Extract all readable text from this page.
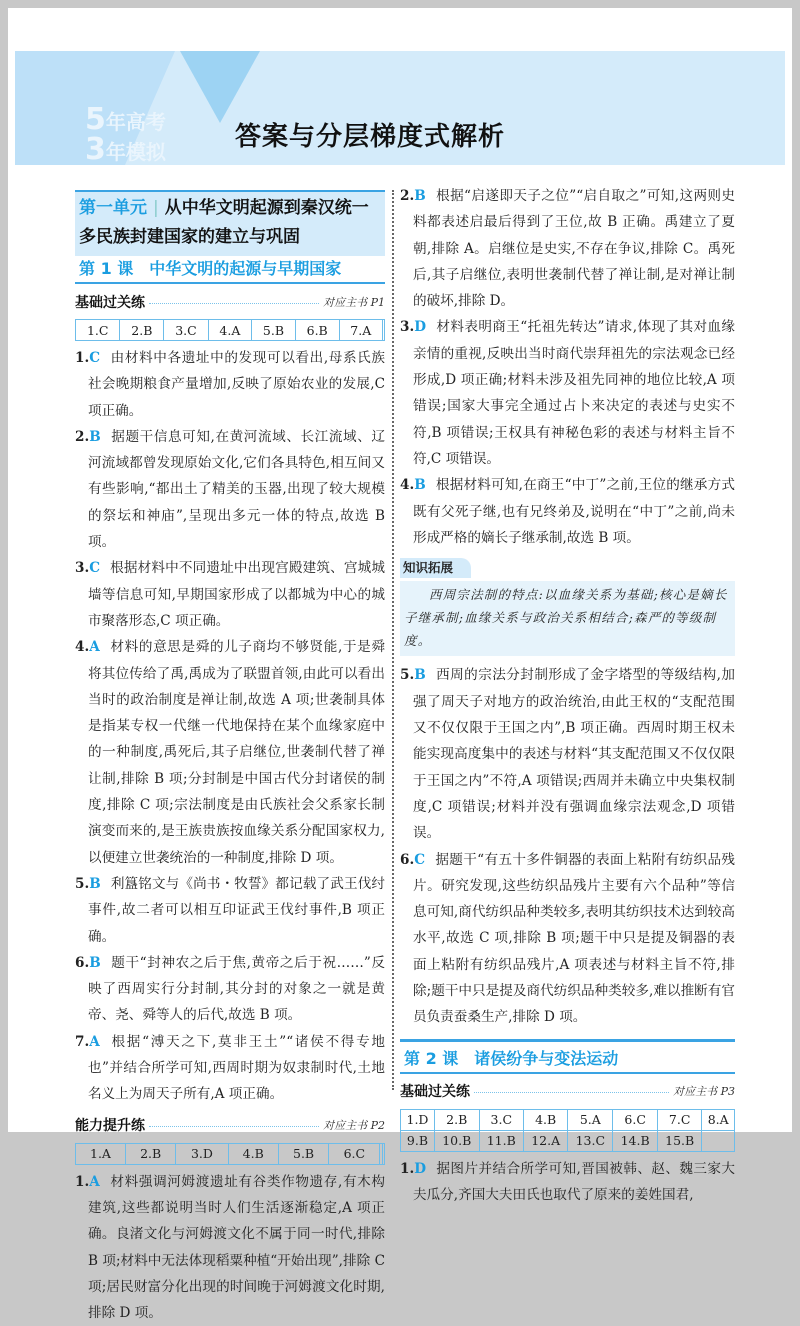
5年高考
3年模拟	答案与分层梯度式解析
第一单元 | 从中华文明起源到秦汉统一多民族封建国家的建立与巩固
第 1 课　中华文明的起源与早期国家
基础过关练	对应主书 P1
1.C	2.B	3.C	4.A	5.B	6.B	7.A	
1.C 由材料中各遗址中的发现可以看出,母系氏族社会晚期粮食产量增加,反映了原始农业的发展,C 项正确。
2.B 据题干信息可知,在黄河流域、长江流域、辽河流域都曾发现原始文化,它们各具特色,相互间又有些影响,“都出土了精美的玉器,出现了较大规模的祭坛和神庙”,呈现出多元一体的特点,故选 B 项。
3.C 根据材料中不同遗址中出现宫殿建筑、宫城城墙等信息可知,早期国家形成了以都城为中心的城市聚落形态,C 项正确。
4.A 材料的意思是舜的儿子商均不够贤能,于是舜将其位传给了禹,禹成为了联盟首领,由此可以看出当时的政治制度是禅让制,故选 A 项;世袭制具体是指某专权一代继一代地保持在某个血缘家庭中的一种制度,禹死后,其子启继位,世袭制代替了禅让制,排除 B 项;分封制是中国古代分封诸侯的制度,排除 C 项;宗法制度是由氏族社会父系家长制演变而来的,是王族贵族按血缘关系分配国家权力,以便建立世袭统治的一种制度,排除 D 项。
5.B 利簋铭文与《尚书・牧誓》都记载了武王伐纣事件,故二者可以相互印证武王伐纣事件,B 项正确。
6.B 题干“封神农之后于焦,黄帝之后于祝……”反映了西周实行分封制,其分封的对象之一就是黄帝、尧、舜等人的后代,故选 B 项。
7.A 根据“溥天之下,莫非王土”“诸侯不得专地也”并结合所学可知,西周时期为奴隶制时代,土地名义上为周天子所有,A 项正确。
能力提升练	对应主书 P2
1.A	2.B	3.D	4.B	5.B	6.C		
1.A 材料强调河姆渡遗址有谷类作物遗存,有木构建筑,这些都说明当时人们生活逐渐稳定,A 项正确。良渚文化与河姆渡文化不属于同一时代,排除 B 项;材料中无法体现稻粟种植“开始出现”,排除 C 项;居民财富分化出现的时间晚于河姆渡文化时期,排除 D 项。
2.B 根据“启遂即天子之位”“启自取之”可知,这两则史料都表述启最后得到了王位,故 B 正确。禹建立了夏朝,排除 A。启继位是史实,不存在争议,排除 C。禹死后,其子启继位,表明世袭制代替了禅让制,是对禅让制的破坏,排除 D。
3.D 材料表明商王“托祖先转达”请求,体现了其对血缘亲情的重视,反映出当时商代崇拜祖先的宗法观念已经形成,D 项正确;材料未涉及祖先同神的地位比较,A 项错误;国家大事完全通过占卜来决定的表述与史实不符,B 项错误;王权具有神秘色彩的表述与材料主旨不符,C 项错误。
4.B 根据材料可知,在商王“中丁”之前,王位的继承方式既有父死子继,也有兄终弟及,说明在“中丁”之前,尚未形成严格的嫡长子继承制,故选 B 项。
知识拓展
西周宗法制的特点:以血缘关系为基础;核心是嫡长子继承制;血缘关系与政治关系相结合;森严的等级制度。
5.B 西周的宗法分封制形成了金字塔型的等级结构,加强了周天子对地方的政治统治,由此王权的“支配范围又不仅仅限于王国之内”,B 项正确。西周时期王权未能实现高度集中的表述与材料“其支配范围又不仅仅限于王国之内”不符,A 项错误;西周并未确立中央集权制度,C 项错误;材料并没有强调血缘宗法观念,D 项错误。
6.C 据题干“有五十多件铜器的表面上粘附有纺织品残片。研究发现,这些纺织品残片主要有六个品种”等信息可知,商代纺织品种类较多,表明其纺织技术达到较高水平,故选 C 项,排除 B 项;题干中只是提及铜器的表面上粘附有纺织品残片,A 项表述与材料主旨不符,排除;题干中只是提及商代纺织品种类较多,难以推断有官员负责蚕桑生产,排除 D 项。
第 2 课　诸侯纷争与变法运动
基础过关练	对应主书 P3
1.D	2.B	3.C	4.B	5.A	6.C	7.C	8.A
9.B	10.B	11.B	12.A	13.C	14.B	15.B	
1.D 据图片并结合所学可知,晋国被韩、赵、魏三家大夫瓜分,齐国大夫田氏也取代了原来的姜姓国君,
